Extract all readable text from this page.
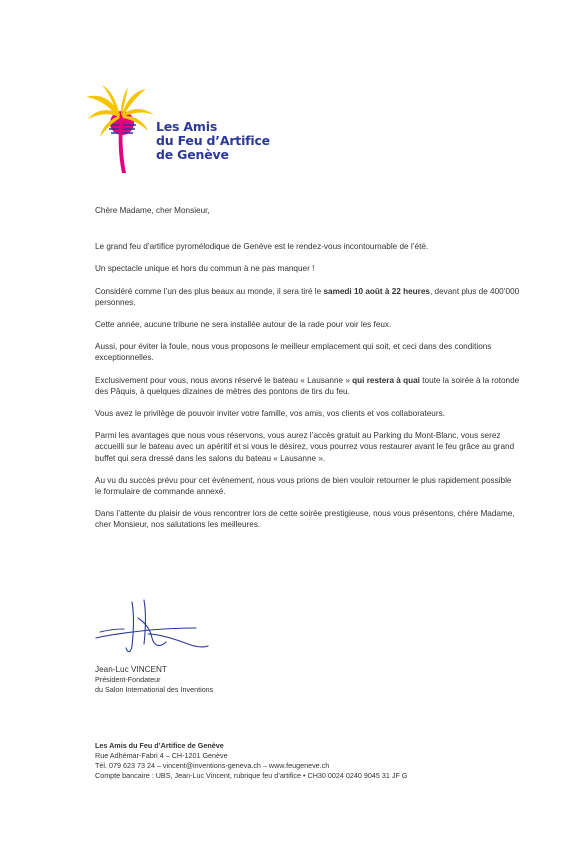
Les Amis
du Feu d’Artifice
de Genève

Chère Madame, cher Monsieur,

Le grand feu d’artifice pyromélodique de Genève est le rendez-vous incontournable de l’été.

Un spectacle unique et hors du commun à ne pas manquer !

Considéré comme l’un des plus beaux au monde, il sera tiré le samedi 10 août à 22 heures, devant plus de 400’000 personnes.

Cette année, aucune tribune ne sera installée autour de la rade pour voir les feux.

Aussi, pour éviter la foule, nous vous proposons le meilleur emplacement qui soit, et ceci dans des conditions exceptionnelles.

Exclusivement pour vous, nous avons réservé le bateau « Lausanne » qui restera à quai toute la soirée à la rotonde des Pâquis, à quelques dizaines de mètres des pontons de tirs du feu.

Vous avez le privilège de pouvoir inviter votre famille, vos amis, vos clients et vos collaborateurs.

Parmi les avantages que nous vous réservons, vous aurez l’accès gratuit au Parking du Mont-Blanc, vous serez accueilli sur le bateau avec un apéritif et si vous le désirez, vous pourrez vous restaurer avant le feu grâce au grand buffet qui sera dressé dans les salons du bateau « Lausanne ».

Au vu du succès prévu pour cet événement, nous vous prions de bien vouloir retourner le plus rapidement possible le formulaire de commande annexé.

Dans l’attente du plaisir de vous rencontrer lors de cette soirée prestigieuse, nous vous présentons, chère Madame, cher Monsieur, nos salutations les meilleures.

Jean-Luc VINCENT
Président-Fondateur
du Salon International des Inventions
Les Amis du Feu d’Artifice de Genève
Rue Adhémar-Fabri 4 – CH-1201 Genève
Tél. 079 623 73 24 – vincent@inventions-geneva.ch – www.feugeneve.ch
Compte bancaire : UBS, Jean-Luc Vincent, rubrique feu d’artifice • CH30 0024 0240 9045 31 JF G
